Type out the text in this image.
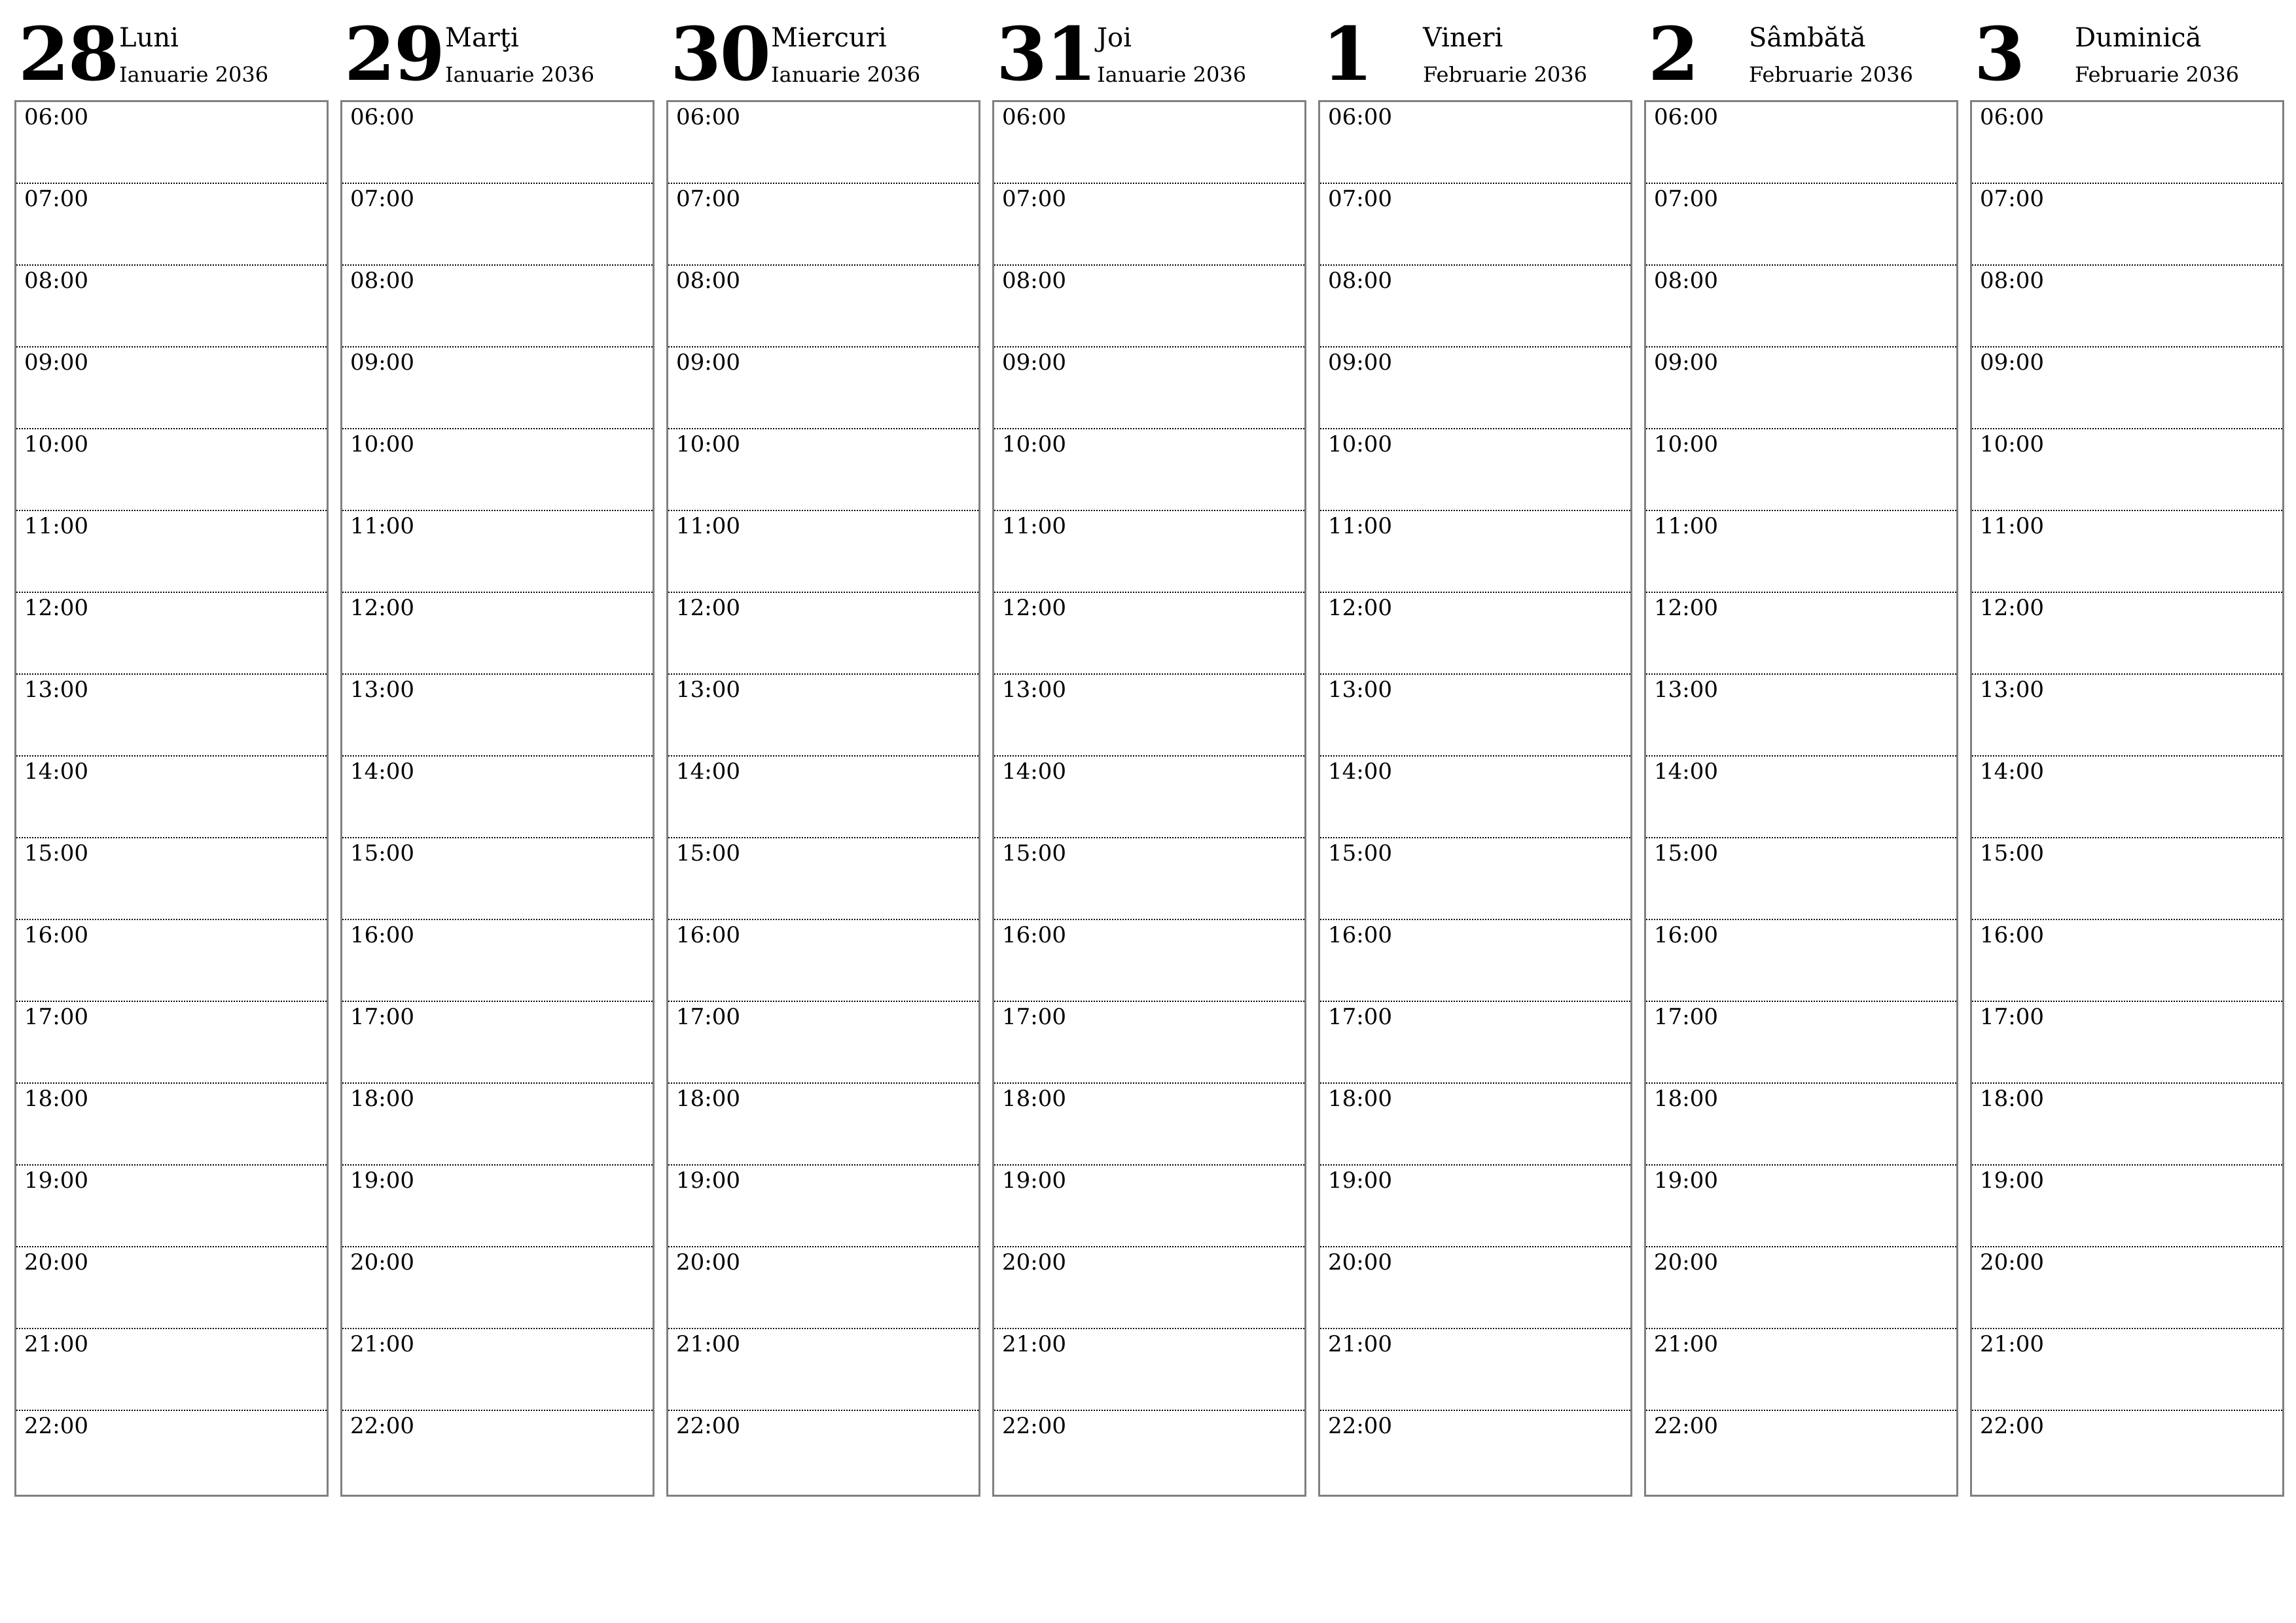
28 Luni
Ianuarie 2036
06:00
07:00
08:00
09:00
10:00
11:00
12:00
13:00
14:00
15:00
16:00
17:00
18:00
19:00
20:00
21:00
22:00
29 Marţi
Ianuarie 2036
06:00
07:00
08:00
09:00
10:00
11:00
12:00
13:00
14:00
15:00
16:00
17:00
18:00
19:00
20:00
21:00
22:00
30 Miercuri
Ianuarie 2036
06:00
07:00
08:00
09:00
10:00
11:00
12:00
13:00
14:00
15:00
16:00
17:00
18:00
19:00
20:00
21:00
22:00
31 Joi
Ianuarie 2036
06:00
07:00
08:00
09:00
10:00
11:00
12:00
13:00
14:00
15:00
16:00
17:00
18:00
19:00
20:00
21:00
22:00
1 Vineri
Februarie 2036
06:00
07:00
08:00
09:00
10:00
11:00
12:00
13:00
14:00
15:00
16:00
17:00
18:00
19:00
20:00
21:00
22:00
2 Sâmbătă
Februarie 2036
06:00
07:00
08:00
09:00
10:00
11:00
12:00
13:00
14:00
15:00
16:00
17:00
18:00
19:00
20:00
21:00
22:00
3 Duminică
Februarie 2036
06:00
07:00
08:00
09:00
10:00
11:00
12:00
13:00
14:00
15:00
16:00
17:00
18:00
19:00
20:00
21:00
22:00
